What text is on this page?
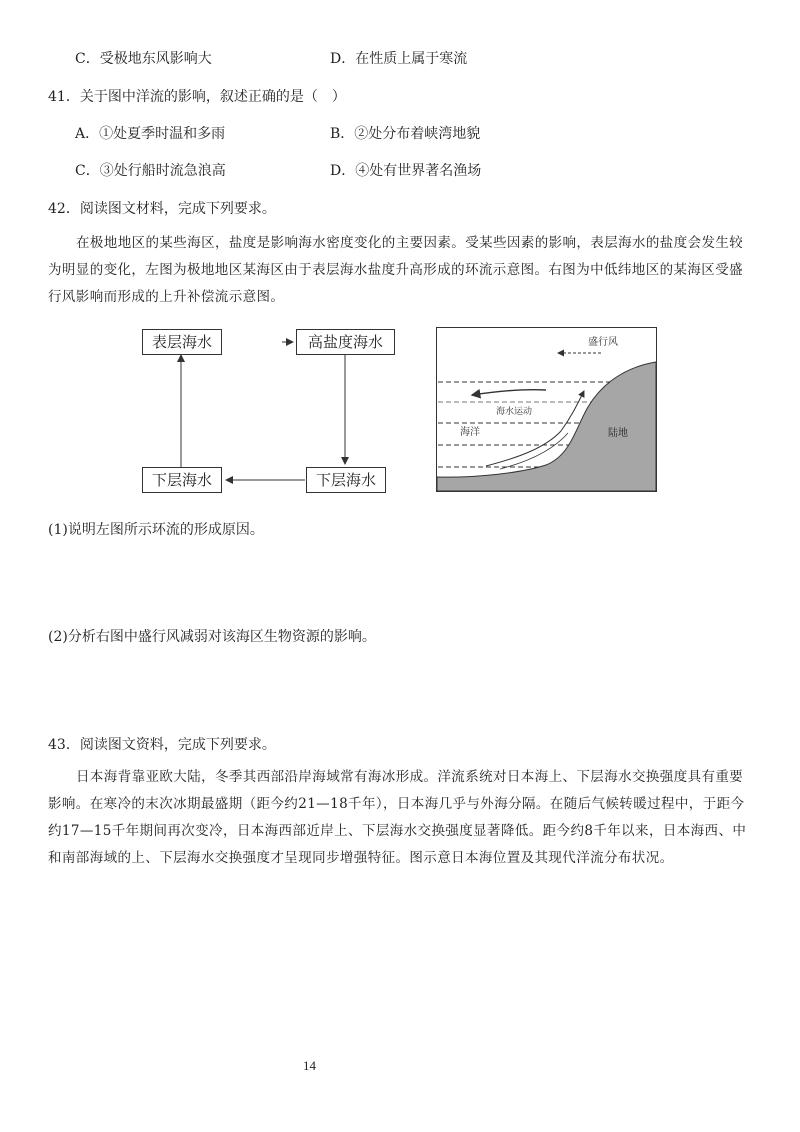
C．受极地东风影响大	D．在性质上属于寒流
41．关于图中洋流的影响，叙述正确的是（　）
A．①处夏季时温和多雨	B．②处分布着峡湾地貌
C．③处行船时流急浪高	D．④处有世界著名渔场
42．阅读图文材料，完成下列要求。
在极地地区的某些海区，盐度是影响海水密度变化的主要因素。受某些因素的影响，表层海水的盐度会发生较为明显的变化，左图为极地地区某海区由于表层海水盐度升高形成的环流示意图。右图为中低纬地区的某海区受盛行风影响而形成的上升补偿流示意图。
表层海水	高盐度海水
下层海水	下层海水
盛行风
海水运动
海洋	陆地
(1)说明左图所示环流的形成原因。
(2)分析右图中盛行风减弱对该海区生物资源的影响。
43．阅读图文资料，完成下列要求。
日本海背靠亚欧大陆，冬季其西部沿岸海域常有海冰形成。洋流系统对日本海上、下层海水交换强度具有重要影响。在寒冷的末次冰期最盛期（距今约21—18千年），日本海几乎与外海分隔。在随后气候转暖过程中，于距今约17—15千年期间再次变冷，日本海西部近岸上、下层海水交换强度显著降低。距今约8千年以来，日本海西、中和南部海域的上、下层海水交换强度才呈现同步增强特征。图示意日本海位置及其现代洋流分布状况。
14
